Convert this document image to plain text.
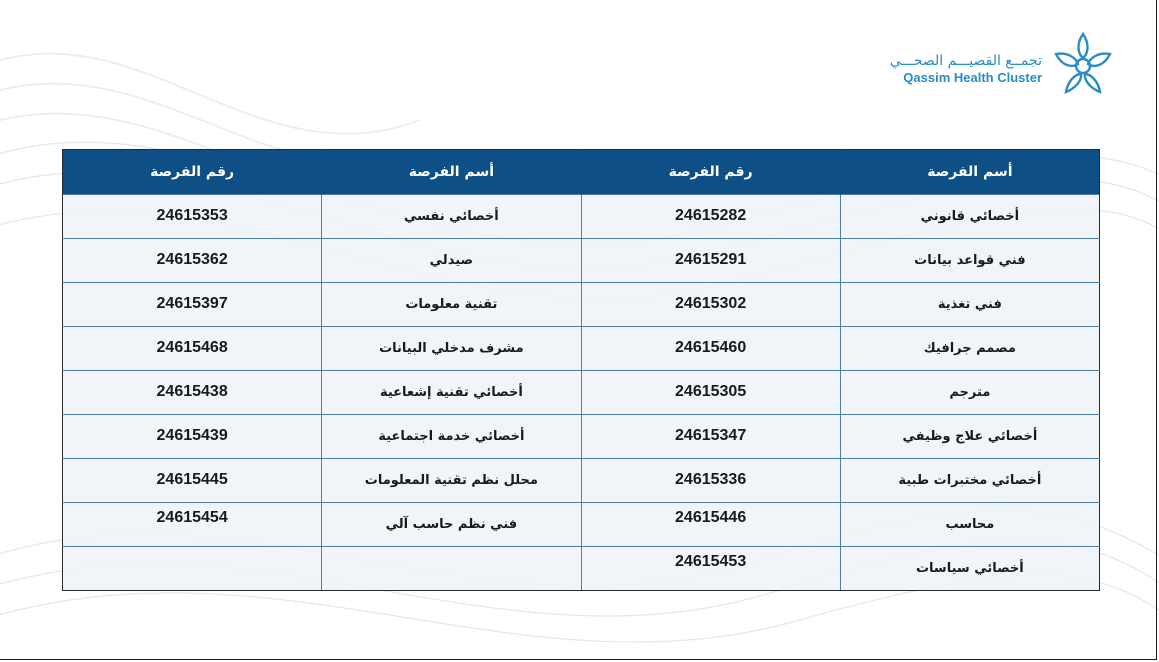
تجمــع القصيـــم الصحـــي
Qassim Health Cluster
أسم الفرصة	رقم الفرصة	أسم الفرصة	رقم الفرصة
أخصائي قانوني	24615282	أخصائي نفسي	24615353
فني قواعد بيانات	24615291	صيدلي	24615362
فني تغذية	24615302	تقنية معلومات	24615397
مصمم جرافيك	24615460	مشرف مدخلي البيانات	24615468
مترجم	24615305	أخصائي تقنية إشعاعية	24615438
أخصائي علاج وظيفي	24615347	أخصائي خدمة اجتماعية	24615439
أخصائي مختبرات طبية	24615336	محلل نظم تقنية المعلومات	24615445
محاسب	24615446	فني نظم حاسب آلي	24615454
أخصائي سياسات	24615453		
